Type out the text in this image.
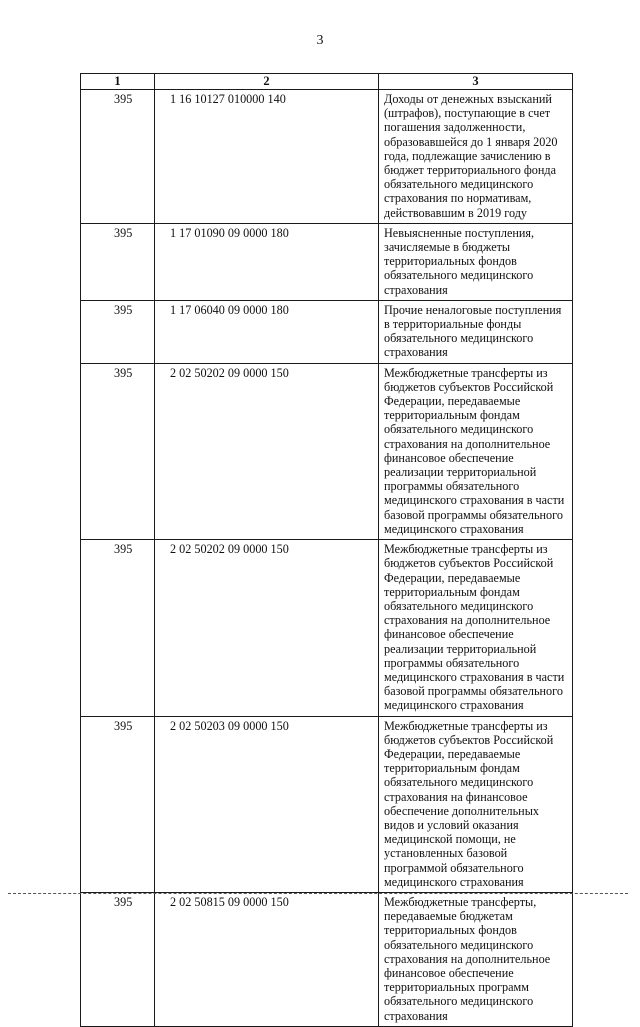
3
1	2	3
395	1 16 10127 010000 140	Доходы от денежных взысканий (штрафов), поступающие в счет погашения задолженности, образовавшейся до 1 января 2020 года, подлежащие зачислению в бюджет территориального фонда обязательного медицинского страхования по нормативам, действовавшим в 2019 году
395	1 17 01090 09 0000 180	Невыясненные поступления, зачисляемые в бюджеты территориальных фондов обязательного медицинского страхования
395	1 17 06040 09 0000 180	Прочие неналоговые поступления в территориальные фонды обязательного медицинского страхования
395	2 02 50202 09 0000 150	Межбюджетные трансферты из бюджетов субъектов Российской Федерации, передаваемые территориальным фондам обязательного медицинского страхования на дополнительное финансовое обеспечение реализации территориальной программы обязательного медицинского страхования в части базовой программы обязательного медицинского страхования
395	2 02 50202 09 0000 150	Межбюджетные трансферты из бюджетов субъектов Российской Федерации, передаваемые территориальным фондам обязательного медицинского страхования на дополнительное финансовое обеспечение реализации территориальной программы обязательного медицинского страхования в части базовой программы обязательного медицинского страхования
395	2 02 50203 09 0000 150	Межбюджетные трансферты из бюджетов субъектов Российской Федерации, передаваемые территориальным фондам обязательного медицинского страхования на финансовое обеспечение дополнительных видов и условий оказания медицинской помощи, не установленных базовой программой обязательного медицинского страхования
395	2 02 50815 09 0000 150	Межбюджетные трансферты, передаваемые бюджетам территориальных фондов обязательного медицинского страхования на дополнительное финансовое обеспечение территориальных программ обязательного медицинского страхования
